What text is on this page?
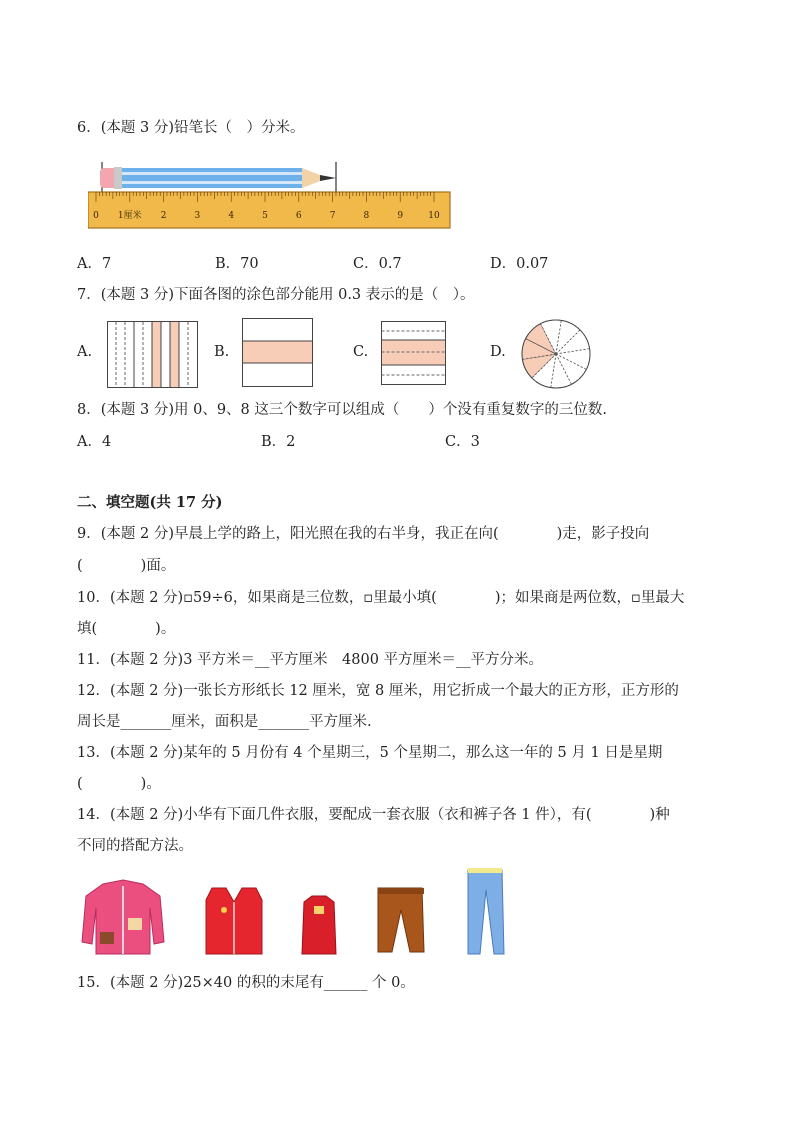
6．(本题 3 分)铅笔长（　）分米。
0	2	3	4	5	6	7	8	9	10
1厘米
A．7	B．70	C．0.7	D．0.07
7．(本题 3 分)下面各图的涂色部分能用 0.3 表示的是（　）。
A.	B.	C.	D.
8．(本题 3 分)用 0、9、8 这三个数字可以组成（　　）个没有重复数字的三位数.
A．4	B．2	C．3
二、填空题(共 17 分)
9．(本题 2 分)早晨上学的路上，阳光照在我的右半身，我正在向(　　　　)走，影子投向
(　　　　)面。
10．(本题 2 分)▫59÷6，如果商是三位数，▫里最小填(　　　　)；如果商是两位数，▫里最大
填(　　　　)。
11．(本题 2 分)3 平方米＝__平方厘米　4800 平方厘米＝__平方分米。
12．(本题 2 分)一张长方形纸长 12 厘米，宽 8 厘米，用它折成一个最大的正方形，正方形的
周长是_______厘米，面积是_______平方厘米.
13．(本题 2 分)某年的 5 月份有 4 个星期三，5 个星期二，那么这一年的 5 月 1 日是星期
(　　　　)。
14．(本题 2 分)小华有下面几件衣服，要配成一套衣服（衣和裤子各 1 件），有(　　　　)种
不同的搭配方法。
15．(本题 2 分)25×40 的积的末尾有______ 个 0。
